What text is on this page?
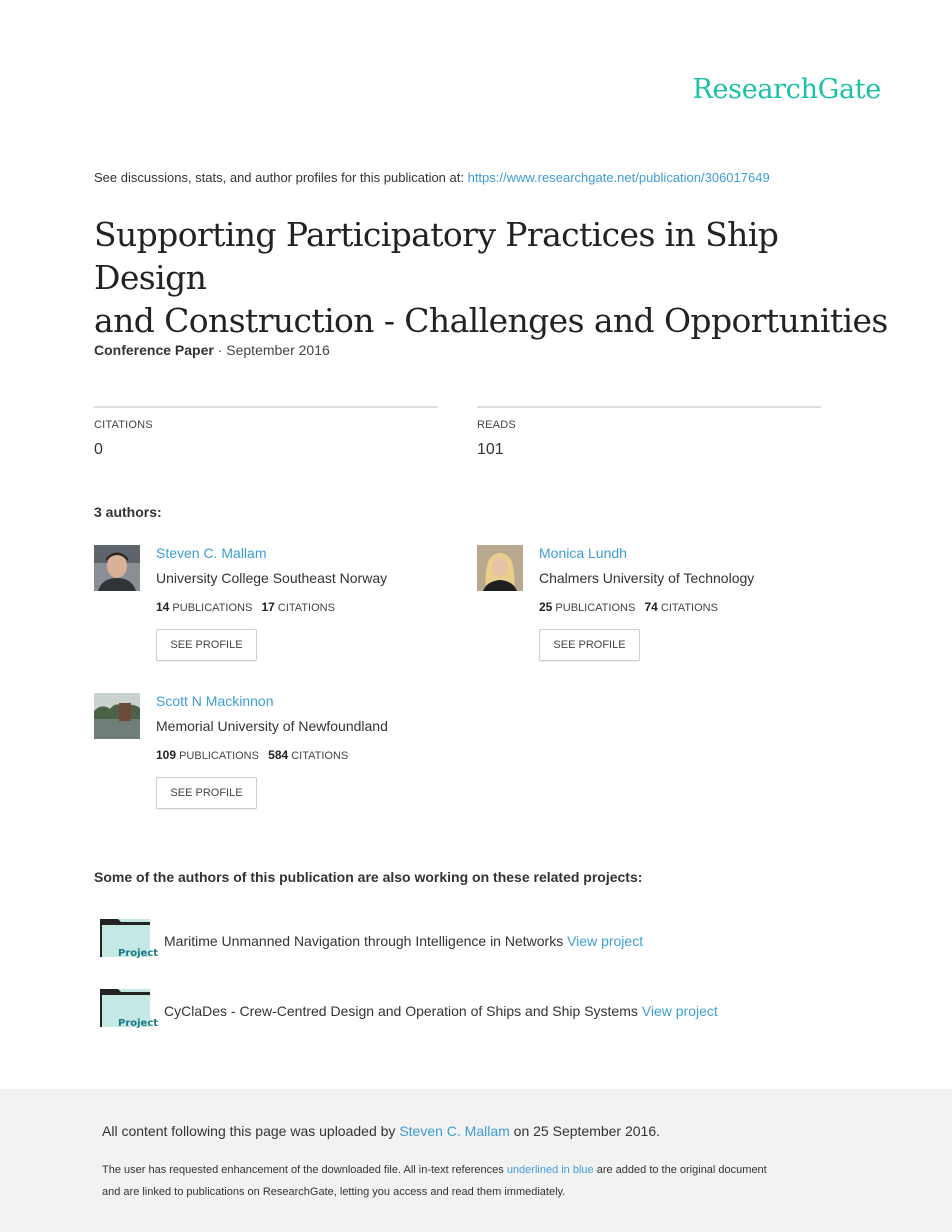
ResearchGate
See discussions, stats, and author profiles for this publication at: https://www.researchgate.net/publication/306017649
Supporting Participatory Practices in Ship Design
and Construction - Challenges and Opportunities
Conference Paper · September 2016
CITATIONS
0
READS
101
3 authors:
Steven C. Mallam
University College Southeast Norway
14 PUBLICATIONS 17 CITATIONS
SEE PROFILE
Monica Lundh
Chalmers University of Technology
25 PUBLICATIONS 74 CITATIONS
SEE PROFILE
Scott N Mackinnon
Memorial University of Newfoundland
109 PUBLICATIONS 584 CITATIONS
SEE PROFILE
Some of the authors of this publication are also working on these related projects:
Project
Maritime Unmanned Navigation through Intelligence in Networks View project
Project
CyClaDes - Crew-Centred Design and Operation of Ships and Ship Systems View project
All content following this page was uploaded by Steven C. Mallam on 25 September 2016.
The user has requested enhancement of the downloaded file. All in-text references underlined in blue are added to the original document
and are linked to publications on ResearchGate, letting you access and read them immediately.
